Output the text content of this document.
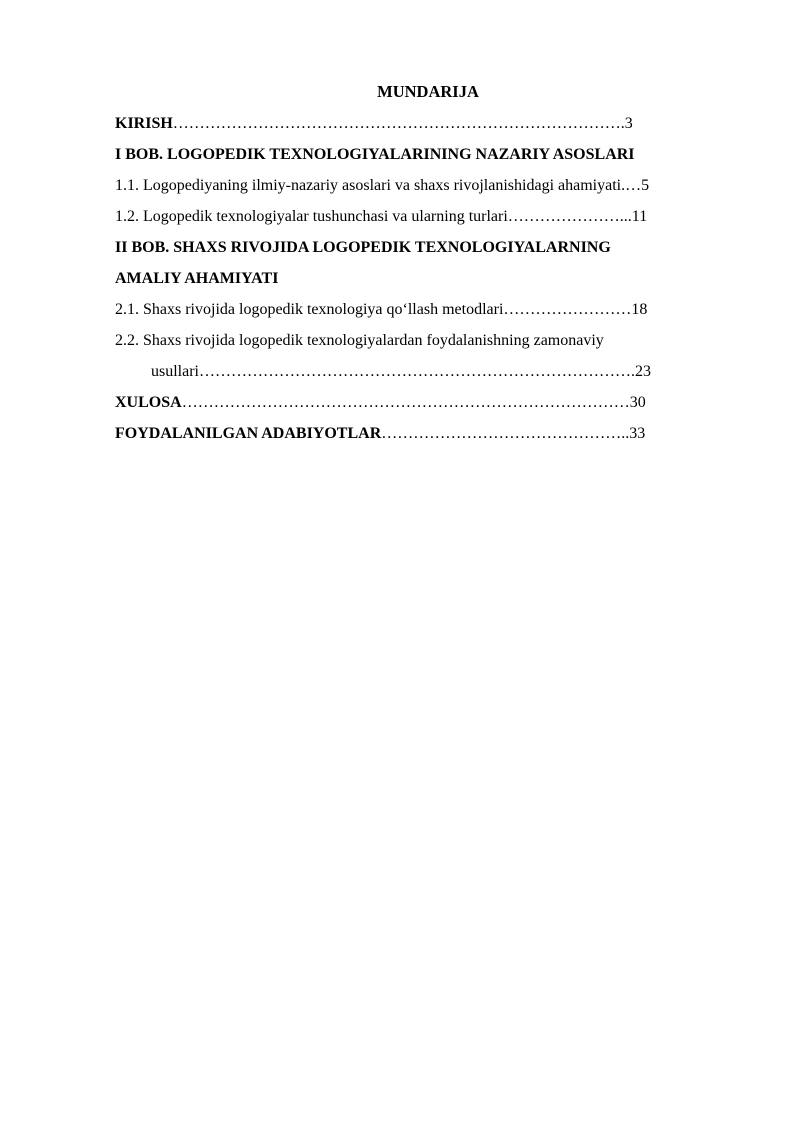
MUNDARIJA
KIRISH………………………………………………………………………….3
I BOB. LOGOPEDIK TEXNOLOGIYALARINING NAZARIY ASOSLARI
1.1. Logopediyaning ilmiy-nazariy asoslari va shaxs rivojlanishidagi ahamiyati.…5
1.2. Logopedik texnologiyalar tushunchasi va ularning turlari…………………...11
II BOB. SHAXS RIVOJIDA LOGOPEDIK TEXNOLOGIYALARNING
AMALIY AHAMIYATI
2.1. Shaxs rivojida logopedik texnologiya qo‘llash metodlari……………………18
2.2. Shaxs rivojida logopedik texnologiyalardan foydalanishning zamonaviy
usullari……………………………………………………………………….23
XULOSA…………………………………………………………………………30
FOYDALANILGAN ADABIYOTLAR………………………………………..33
